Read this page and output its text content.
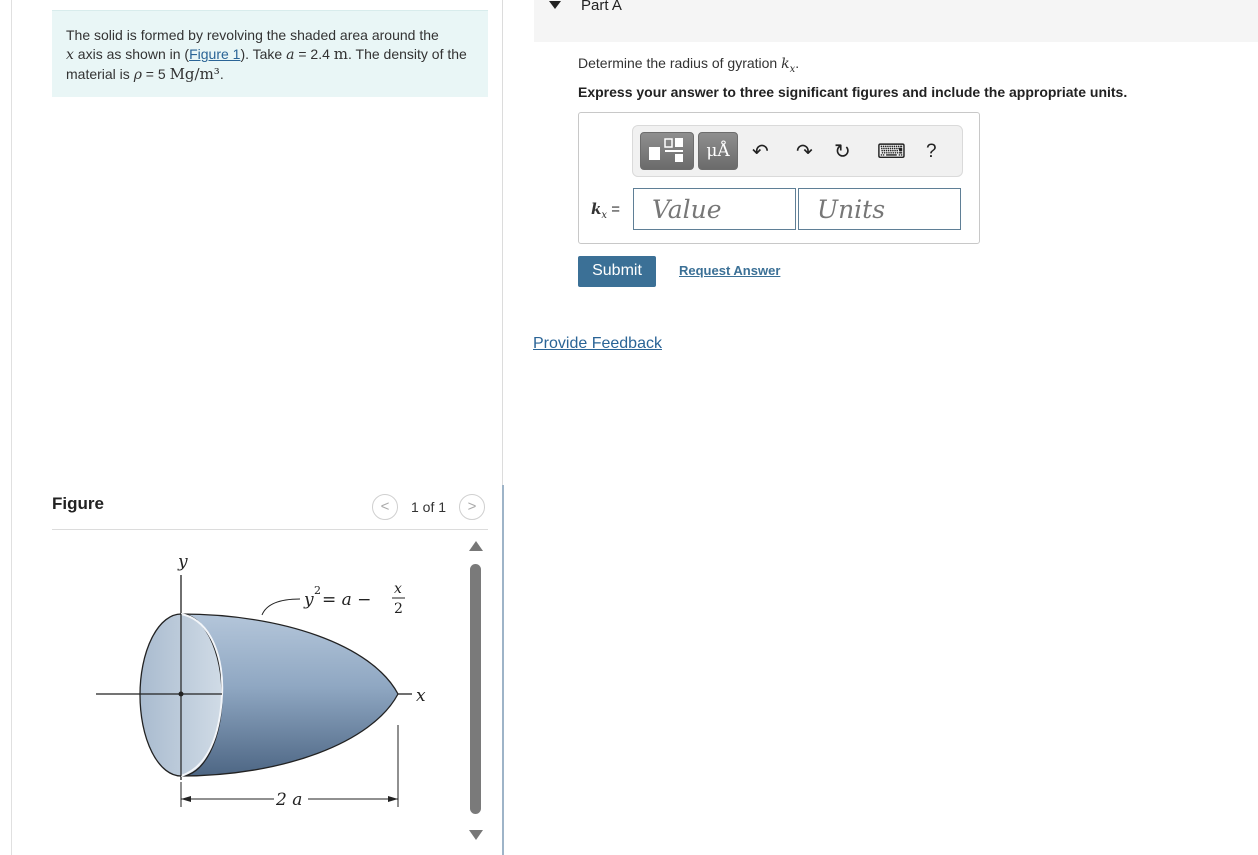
The solid is formed by revolving the shaded area around the
x axis as shown in (Figure 1). Take a = 2.4 m. The density of the material is ρ = 5 Mg/m³.
Figure	<	1 of 1	>
y
x
y 2 = a −
x
2
2 a
Part A
Determine the radius of gyration $k_x$.
Express your answer to three significant figures and include the appropriate units.
μÅ	↶ ↷ ↻ ⌨ ?
$k_x$ =	Value	Units
Submit	Request Answer
Provide Feedback
